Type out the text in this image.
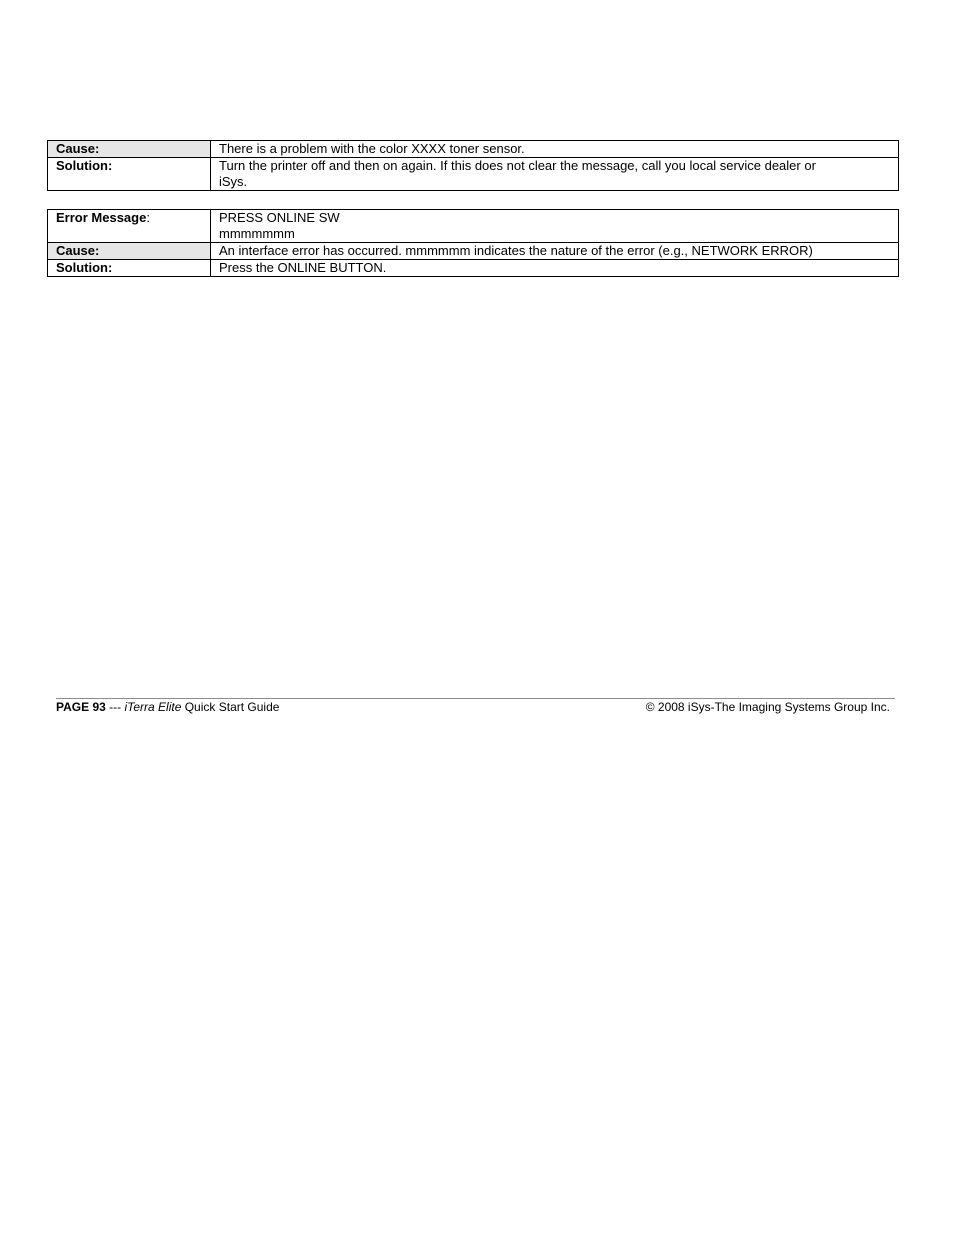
Cause:	There is a problem with the color XXXX toner sensor.

Solution:	Turn the printer off and then on again. If this does not clear the message, call you local service dealer or
iSys.
Error Message:	PRESS ONLINE SW
mmmmmmm

Cause:	An interface error has occurred. mmmmmm indicates the nature of the error (e.g., NETWORK ERROR)

Solution:	Press the ONLINE BUTTON.
PAGE 93 --- iTerra Elite Quick Start Guide	© 2008 iSys-The Imaging Systems Group Inc.
